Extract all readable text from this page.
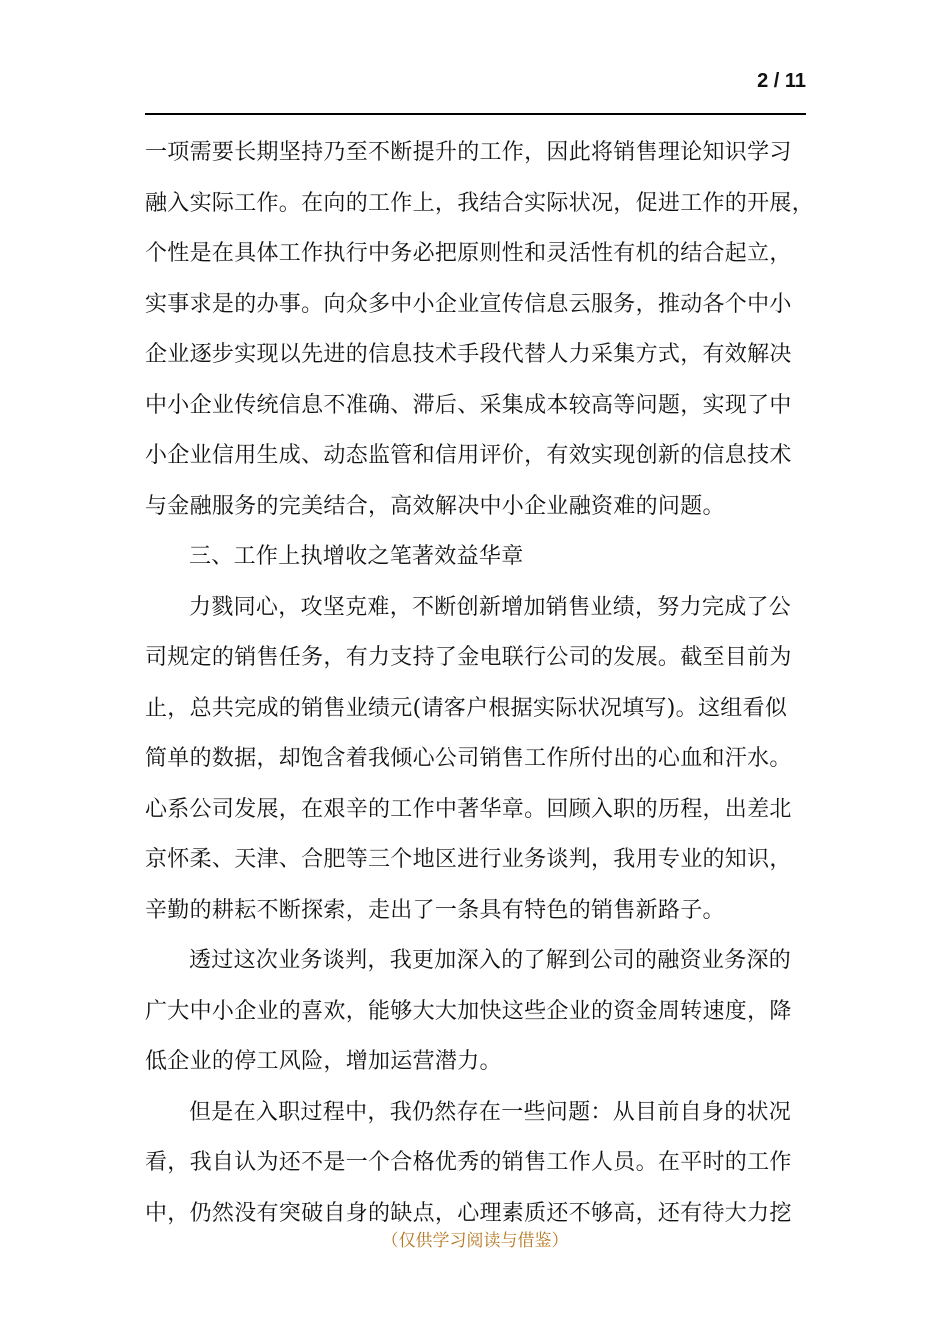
2 / 11
一项需要长期坚持乃至不断提升的工作，因此将销售理论知识学习
融入实际工作。在向的工作上，我结合实际状况，促进工作的开展，
个性是在具体工作执行中务必把原则性和灵活性有机的结合起立，
实事求是的办事。向众多中小企业宣传信息云服务，推动各个中小
企业逐步实现以先进的信息技术手段代替人力采集方式，有效解决
中小企业传统信息不准确、滞后、采集成本较高等问题，实现了中
小企业信用生成、动态监管和信用评价，有效实现创新的信息技术
与金融服务的完美结合，高效解决中小企业融资难的问题。
三、工作上执增收之笔著效益华章
力戮同心，攻坚克难，不断创新增加销售业绩，努力完成了公
司规定的销售任务，有力支持了金电联行公司的发展。截至目前为
止，总共完成的销售业绩元(请客户根据实际状况填写)。这组看似
简单的数据，却饱含着我倾心公司销售工作所付出的心血和汗水。
心系公司发展，在艰辛的工作中著华章。回顾入职的历程，出差北
京怀柔、天津、合肥等三个地区进行业务谈判，我用专业的知识，
辛勤的耕耘不断探索，走出了一条具有特色的销售新路子。
透过这次业务谈判，我更加深入的了解到公司的融资业务深的
广大中小企业的喜欢，能够大大加快这些企业的资金周转速度，降
低企业的停工风险，增加运营潜力。
但是在入职过程中，我仍然存在一些问题：从目前自身的状况
看，我自认为还不是一个合格优秀的销售工作人员。在平时的工作
中，仍然没有突破自身的缺点，心理素质还不够高，还有待大力挖
（仅供学习阅读与借鉴）
